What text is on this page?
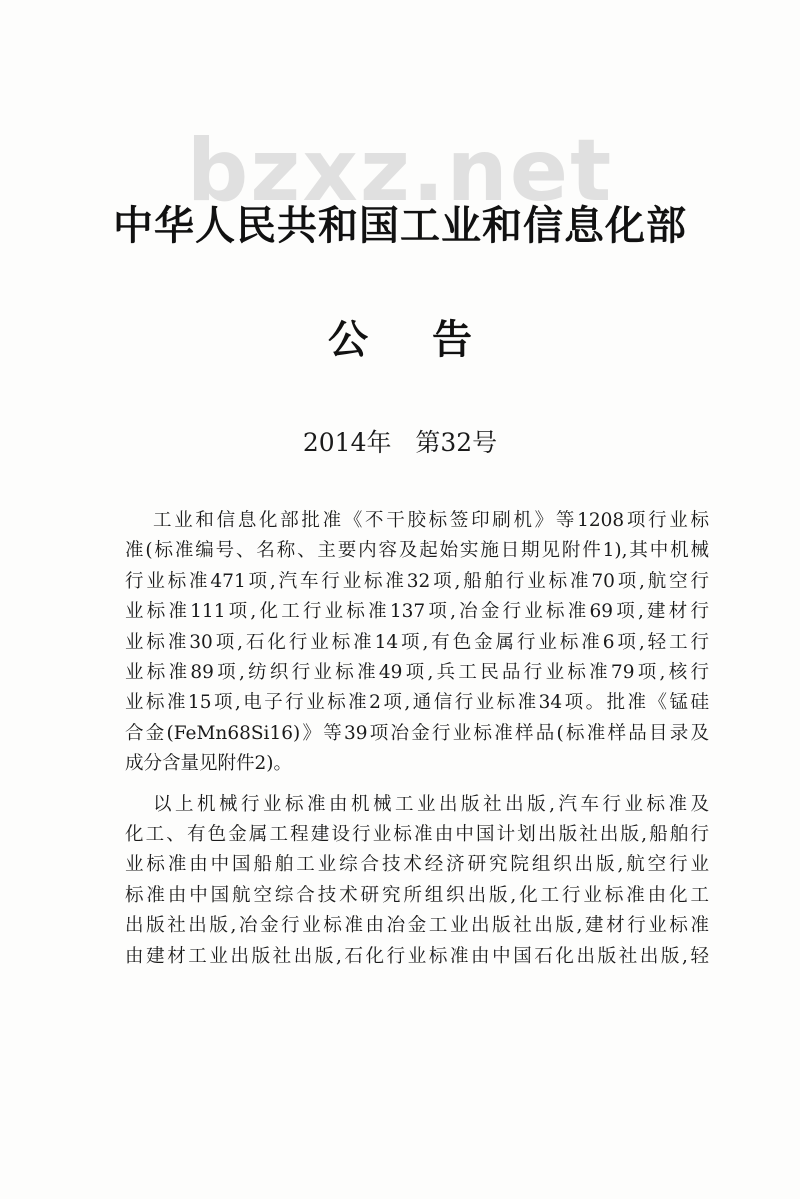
bzxz.net
中华人民共和国工业和信息化部
公告
2014年 第32号

工业和信息化部批准《不干胶标签印刷机》等1208项行业标
准(标准编号、名称、主要内容及起始实施日期见附件1),其中机械
行业标准471项,汽车行业标准32项,船舶行业标准70项,航空行
业标准111项,化工行业标准137项,冶金行业标准69项,建材行
业标准30项,石化行业标准14项,有色金属行业标准6项,轻工行
业标准89项,纺织行业标准49项,兵工民品行业标准79项,核行
业标准15项,电子行业标准2项,通信行业标准34项。批准《锰硅
合金(FeMn68Si16)》等39项冶金行业标准样品(标准样品目录及
成分含量见附件2)。

以上机械行业标准由机械工业出版社出版,汽车行业标准及
化工、有色金属工程建设行业标准由中国计划出版社出版,船舶行
业标准由中国船舶工业综合技术经济研究院组织出版,航空行业
标准由中国航空综合技术研究所组织出版,化工行业标准由化工
出版社出版,冶金行业标准由冶金工业出版社出版,建材行业标准
由建材工业出版社出版,石化行业标准由中国石化出版社出版,轻
